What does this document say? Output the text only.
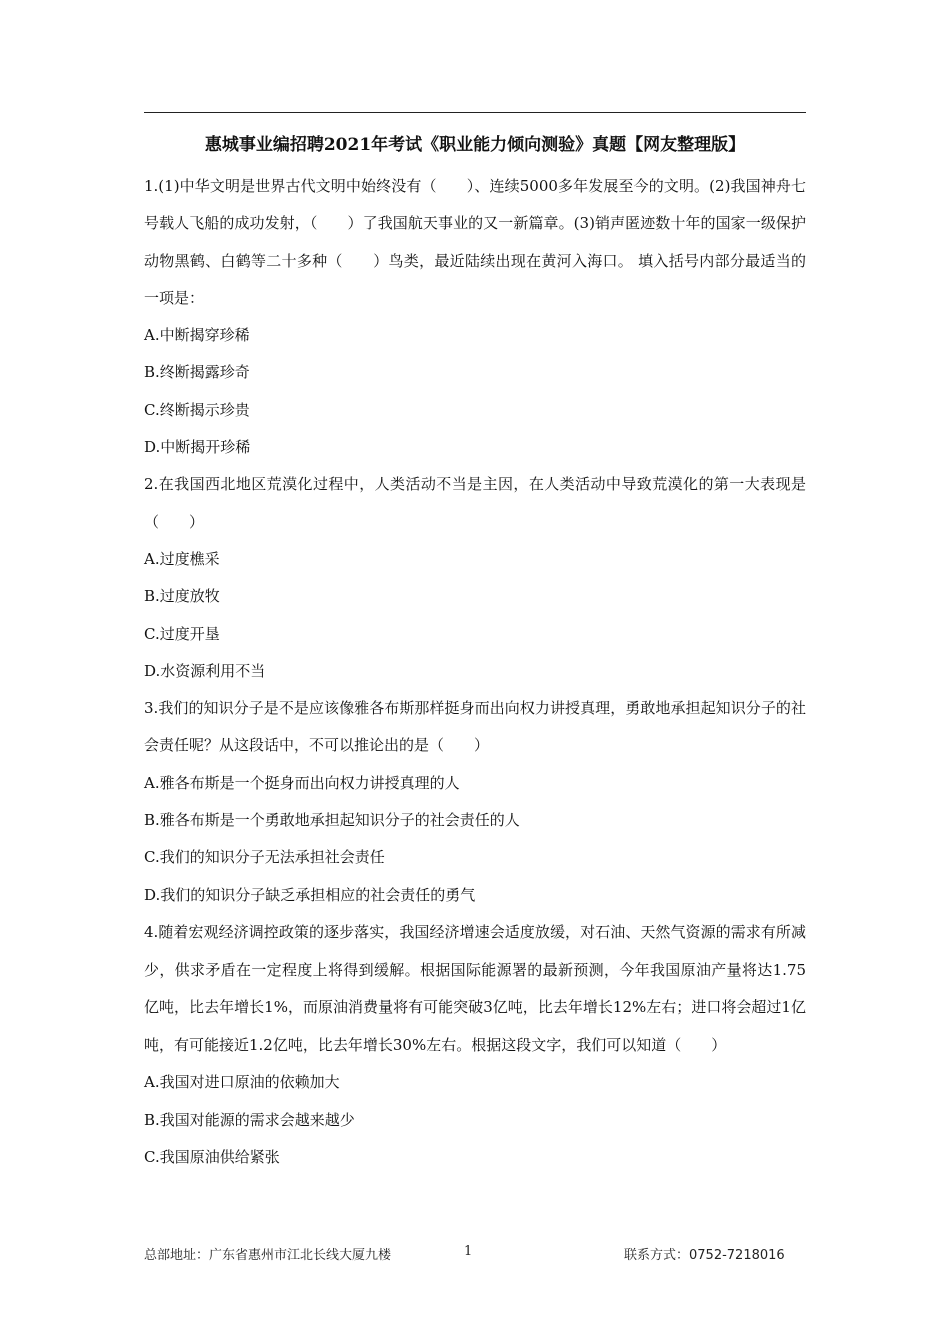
惠城事业编招聘2021年考试《职业能力倾向测验》真题【网友整理版】

1.(1)中华文明是世界古代文明中始终没有（　　）、连续5000多年发展至今的文明。(2)我国神舟七号载人飞船的成功发射，（　　）了我国航天事业的又一新篇章。(3)销声匿迹数十年的国家一级保护动物黑鹤、白鹤等二十多种（　　）鸟类，最近陆续出现在黄河入海口。 填入括号内部分最适当的一项是：

A.中断揭穿珍稀

B.终断揭露珍奇

C.终断揭示珍贵

D.中断揭开珍稀

2.在我国西北地区荒漠化过程中，人类活动不当是主因，在人类活动中导致荒漠化的第一大表现是（　　）

A.过度樵采

B.过度放牧

C.过度开垦

D.水资源利用不当

3.我们的知识分子是不是应该像雅各布斯那样挺身而出向权力讲授真理，勇敢地承担起知识分子的社会责任呢？从这段话中，不可以推论出的是（　　）

A.雅各布斯是一个挺身而出向权力讲授真理的人

B.雅各布斯是一个勇敢地承担起知识分子的社会责任的人

C.我们的知识分子无法承担社会责任

D.我们的知识分子缺乏承担相应的社会责任的勇气

4.随着宏观经济调控政策的逐步落实，我国经济增速会适度放缓，对石油、天然气资源的需求有所减少，供求矛盾在一定程度上将得到缓解。根据国际能源署的最新预测，今年我国原油产量将达1.75亿吨，比去年增长1%，而原油消费量将有可能突破3亿吨，比去年增长12%左右；进口将会超过1亿吨，有可能接近1.2亿吨，比去年增长30%左右。根据这段文字，我们可以知道（　　）

A.我国对进口原油的依赖加大

B.我国对能源的需求会越来越少

C.我国原油供给紧张

总部地址：广东省惠州市江北长线大厦九楼	1	联系方式：0752-7218016
